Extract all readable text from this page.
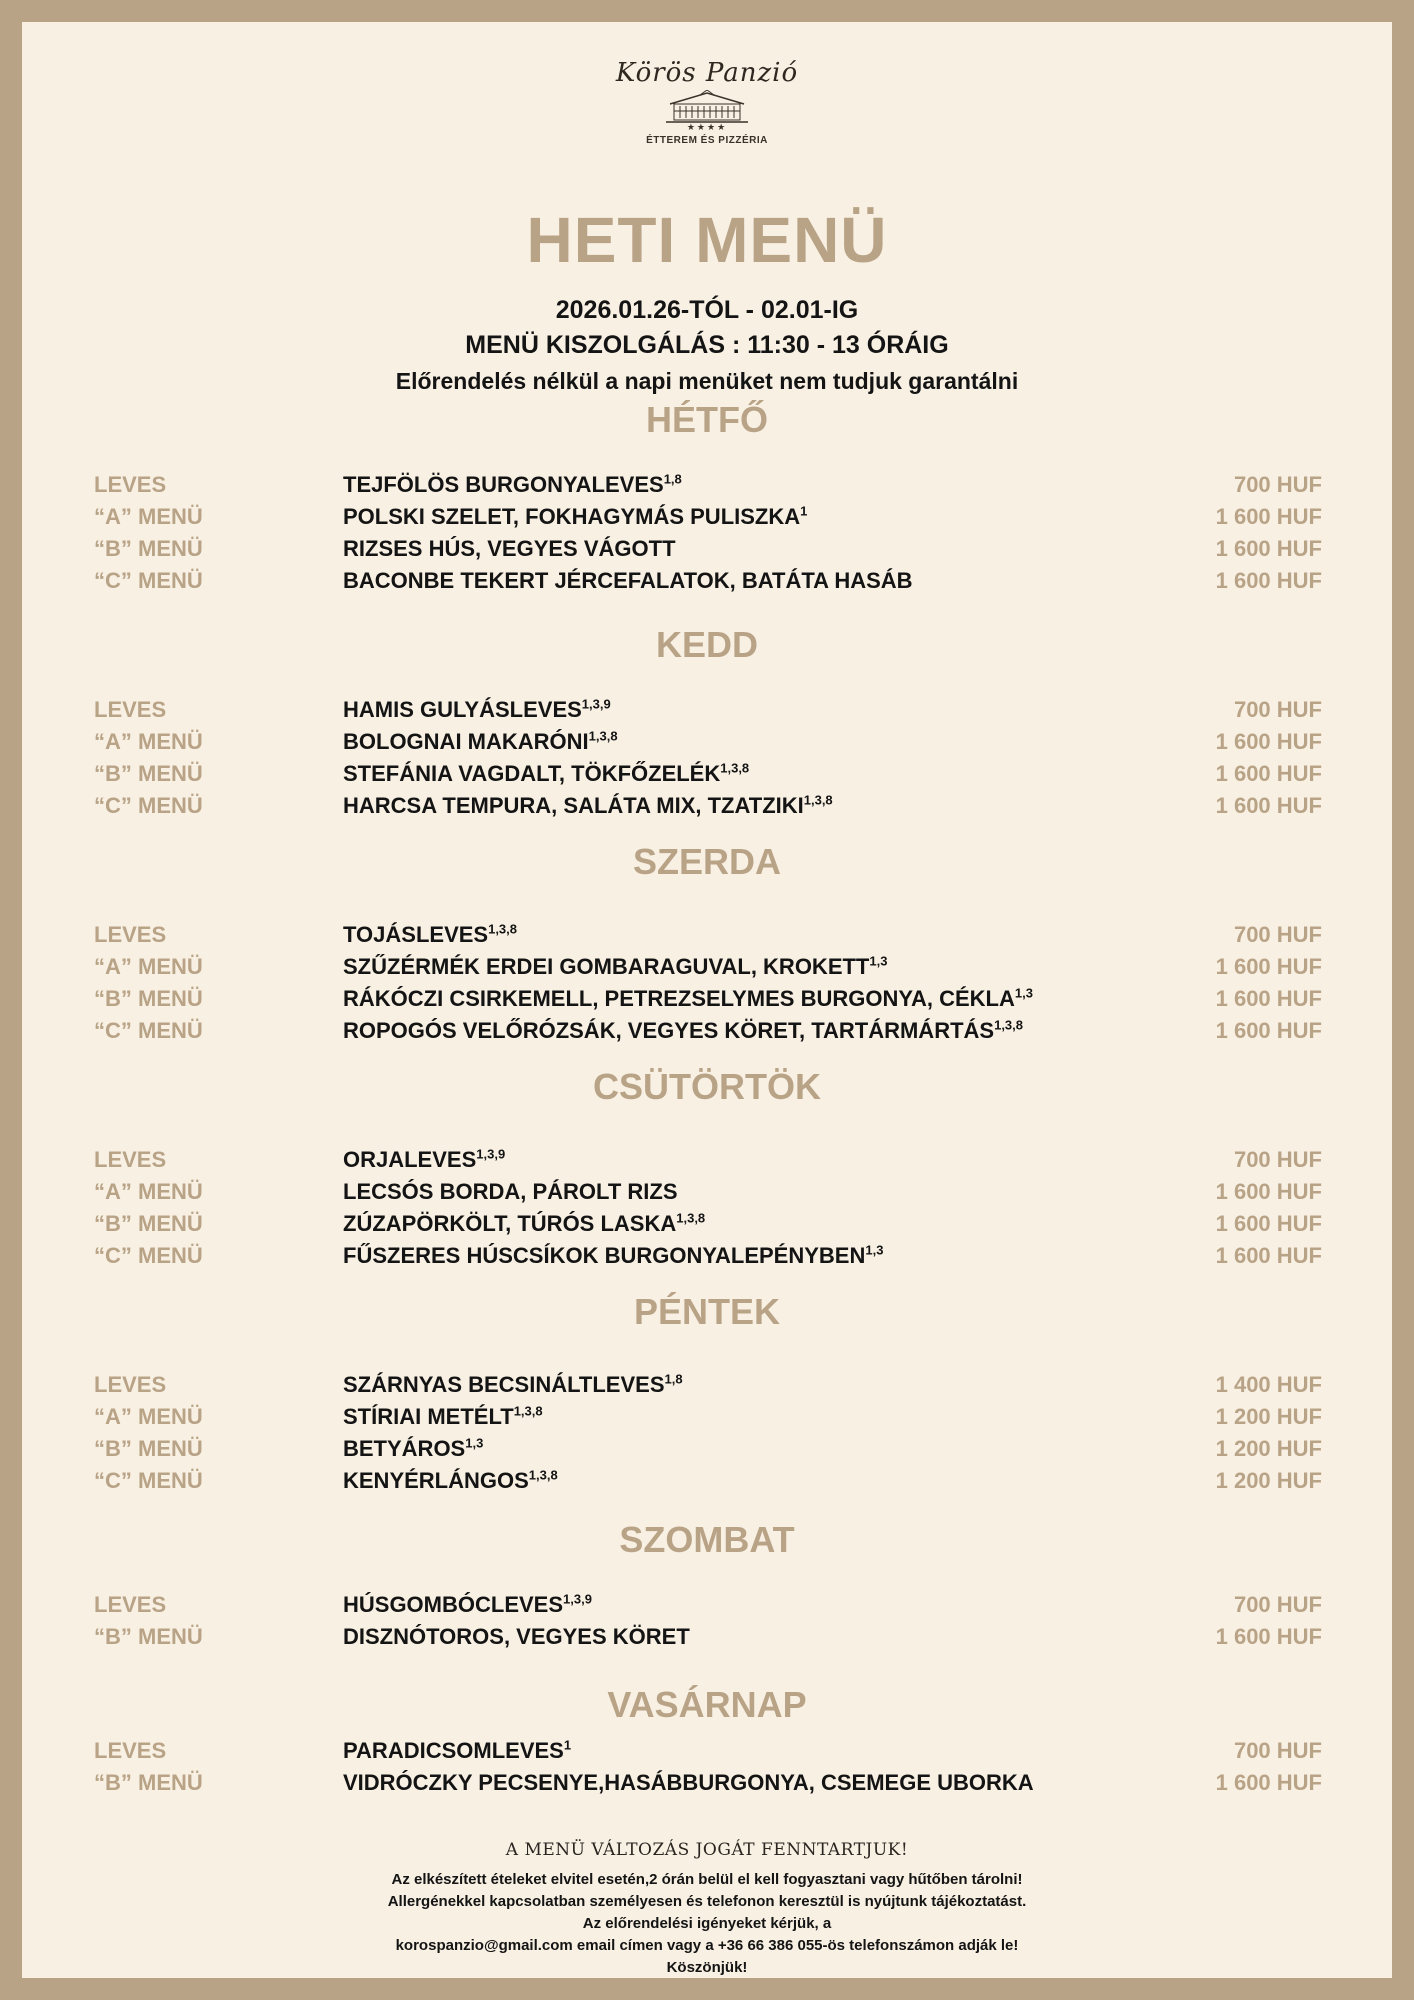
Körös Panzió
★★★★
ÉTTEREM ÉS PIZZÉRIA
HETI MENÜ
2026.01.26-TÓL - 02.01-IG
MENÜ KISZOLGÁLÁS : 11:30 - 13 ÓRÁIG
Előrendelés nélkül a napi menüket nem tudjuk garantálni
HÉTFŐ
LEVES	TEJFÖLÖS BURGONYALEVES$^{1,8}$	700 HUF
“A” MENÜ	POLSKI SZELET, FOKHAGYMÁS PULISZKA$^1$	1 600 HUF
“B” MENÜ	RIZSES HÚS, VEGYES VÁGOTT	1 600 HUF
“C” MENÜ	BACONBE TEKERT JÉRCEFALATOK, BATÁTA HASÁB	1 600 HUF
KEDD
LEVES	HAMIS GULYÁSLEVES$^{1,3,9}$	700 HUF
“A” MENÜ	BOLOGNAI MAKARÓNI$^{1,3,8}$	1 600 HUF
“B” MENÜ	STEFÁNIA VAGDALT, TÖKFŐZELÉK$^{1,3,8}$	1 600 HUF
“C” MENÜ	HARCSA TEMPURA, SALÁTA MIX, TZATZIKI$^{1,3,8}$	1 600 HUF
SZERDA
LEVES	TOJÁSLEVES$^{1,3,8}$	700 HUF
“A” MENÜ	SZŰZÉRMÉK ERDEI GOMBARAGUVAL, KROKETT$^{1,3}$	1 600 HUF
“B” MENÜ	RÁKÓCZI CSIRKEMELL, PETREZSELYMES BURGONYA, CÉKLA$^{1,3}$	1 600 HUF
“C” MENÜ	ROPOGÓS VELŐRÓZSÁK, VEGYES KÖRET, TARTÁRMÁRTÁS$^{1,3,8}$	1 600 HUF
CSÜTÖRTÖK
LEVES	ORJALEVES$^{1,3,9}$	700 HUF
“A” MENÜ	LECSÓS BORDA, PÁROLT RIZS	1 600 HUF
“B” MENÜ	ZÚZAPÖRKÖLT, TÚRÓS LASKA$^{1,3,8}$	1 600 HUF
“C” MENÜ	FŰSZERES HÚSCSÍKOK BURGONYALEPÉNYBEN$^{1,3}$	1 600 HUF
PÉNTEK
LEVES	SZÁRNYAS BECSINÁLTLEVES$^{1,8}$	1 400 HUF
“A” MENÜ	STÍRIAI METÉLT$^{1,3,8}$	1 200 HUF
“B” MENÜ	BETYÁROS$^{1,3}$	1 200 HUF
“C” MENÜ	KENYÉRLÁNGOS$^{1,3,8}$	1 200 HUF
SZOMBAT
LEVES	HÚSGOMBÓCLEVES$^{1,3,9}$	700 HUF
“B” MENÜ	DISZNÓTOROS, VEGYES KÖRET	1 600 HUF
VASÁRNAP
LEVES	PARADICSOMLEVES$^1$	700 HUF
“B” MENÜ	VIDRÓCZKY PECSENYE,HASÁBBURGONYA, CSEMEGE UBORKA	1 600 HUF
A MENÜ VÁLTOZÁS JOGÁT FENNTARTJUK!
Az elkészített ételeket elvitel esetén,2 órán belül el kell fogyasztani vagy hűtőben tárolni!
Allergénekkel kapcsolatban személyesen és telefonon keresztül is nyújtunk tájékoztatást.
Az előrendelési igényeket kérjük, a
korospanzio@gmail.com email címen vagy a +36 66 386 055-ös telefonszámon adják le!
Köszönjük!
